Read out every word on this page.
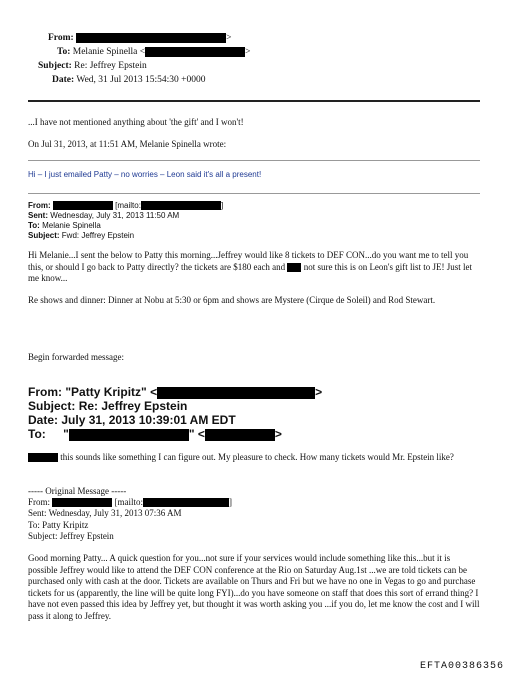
From:	>
To: Melanie Spinella <	>
Subject: Re: Jeffrey Epstein
Date: Wed, 31 Jul 2013 15:54:30 +0000
...I have not mentioned anything about 'the gift' and I won't!
On Jul 31, 2013, at 11:51 AM, Melanie Spinella wrote:
Hi – I just emailed Patty – no worries – Leon said it's all a present!
From:	[mailto:	]
Sent: Wednesday, July 31, 2013 11:50 AM
To: Melanie Spinella
Subject: Fwd: Jeffrey Epstein
Hi Melanie...I sent the below to Patty this morning...Jeffrey would like 8 tickets to DEF CON...do you want me to tell you this, or should I go back to Patty directly? the tickets are $180 each and not sure this is on Leon's gift list to JE! Just let me know...
Re shows and dinner: Dinner at Nobu at 5:30 or 6pm and shows are Mystere (Cirque de Soleil) and Rod Stewart.
Begin forwarded message:
From: "Patty Kripitz" <	>
Subject: Re: Jeffrey Epstein
Date: July 31, 2013 10:39:01 AM EDT
To: "	" <	>
this sounds like something I can figure out. My pleasure to check. How many tickets would Mr. Epstein like?
----- Original Message -----
From:	[mailto:	]
Sent: Wednesday, July 31, 2013 07:36 AM
To: Patty Kripitz
Subject: Jeffrey Epstein
Good morning Patty... A quick question for you...not sure if your services would include something like this...but it is possible Jeffrey would like to attend the DEF CON conference at the Rio on Saturday Aug.1st ...we are told tickets can be purchased only with cash at the door. Tickets are available on Thurs and Fri but we have no one in Vegas to go and purchase tickets for us (apparently, the line will be quite long FYI)...do you have someone on staff that does this sort of errand thing? I have not even passed this idea by Jeffrey yet, but thought it was worth asking you ...if you do, let me know the cost and I will pass it along to Jeffrey.
EFTA00386356
